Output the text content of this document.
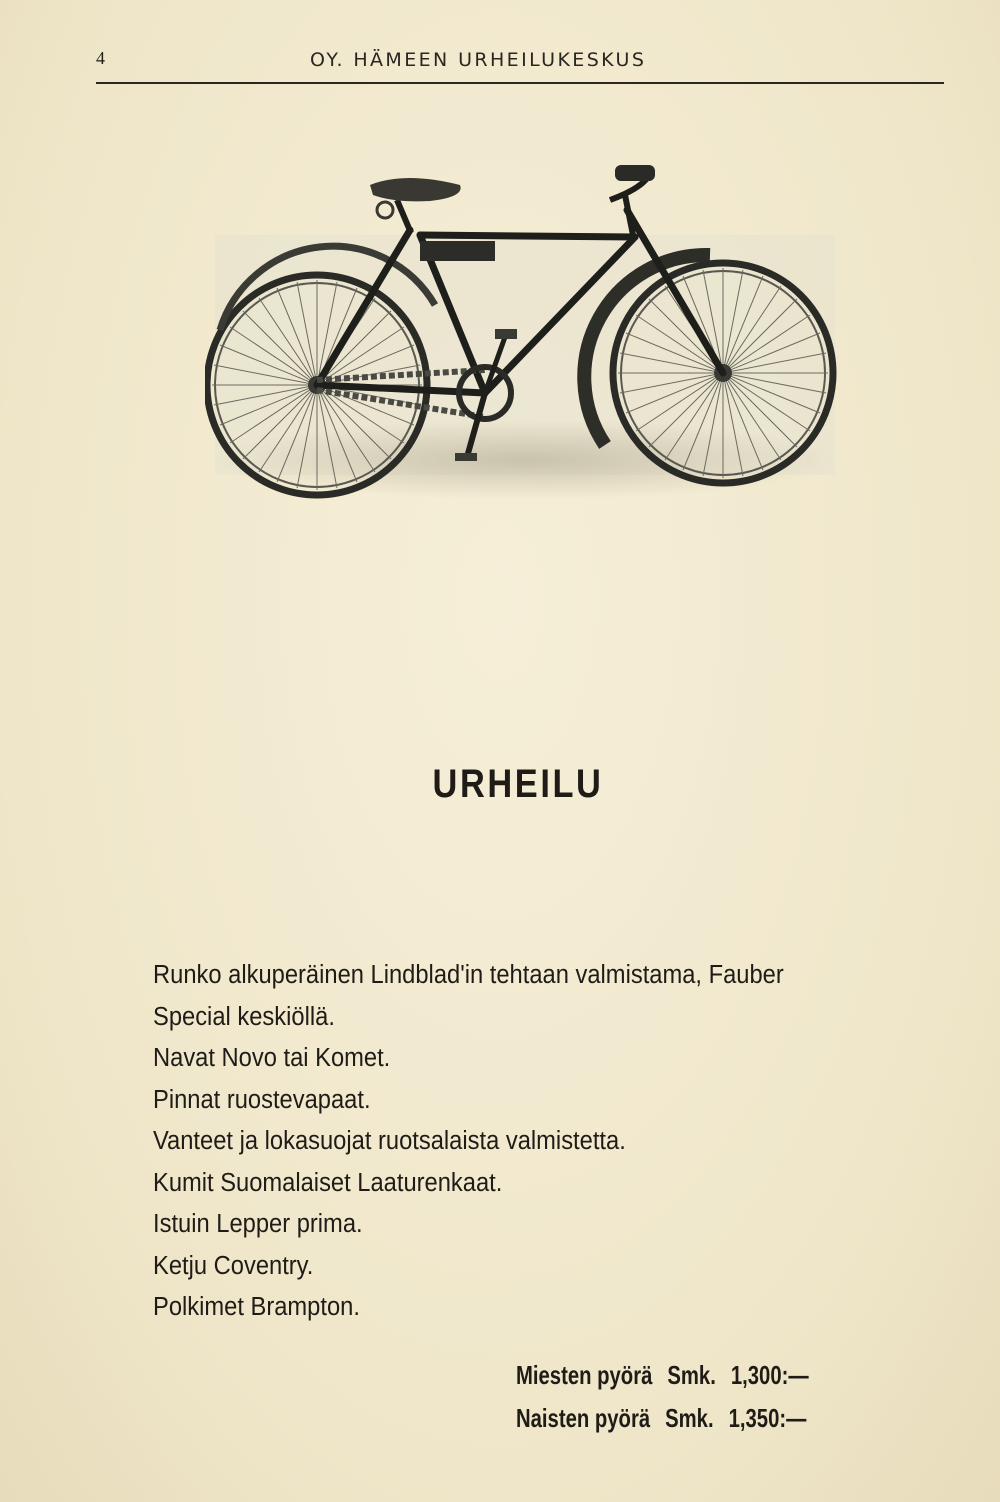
4	OY. HÄMEEN URHEILUKESKUS
URHEILU
Runko alkuperäinen Lindblad'in tehtaan valmistama, Fauber
Special keskiöllä.
Navat Novo tai Komet.
Pinnat ruostevapaat.
Vanteet ja lokasuojat ruotsalaista valmistetta.
Kumit Suomalaiset Laaturenkaat.
Istuin Lepper prima.
Ketju Coventry.
Polkimet Brampton.
Miesten pyörä Smk. 1,300:—
Naisten pyörä Smk. 1,350:—
